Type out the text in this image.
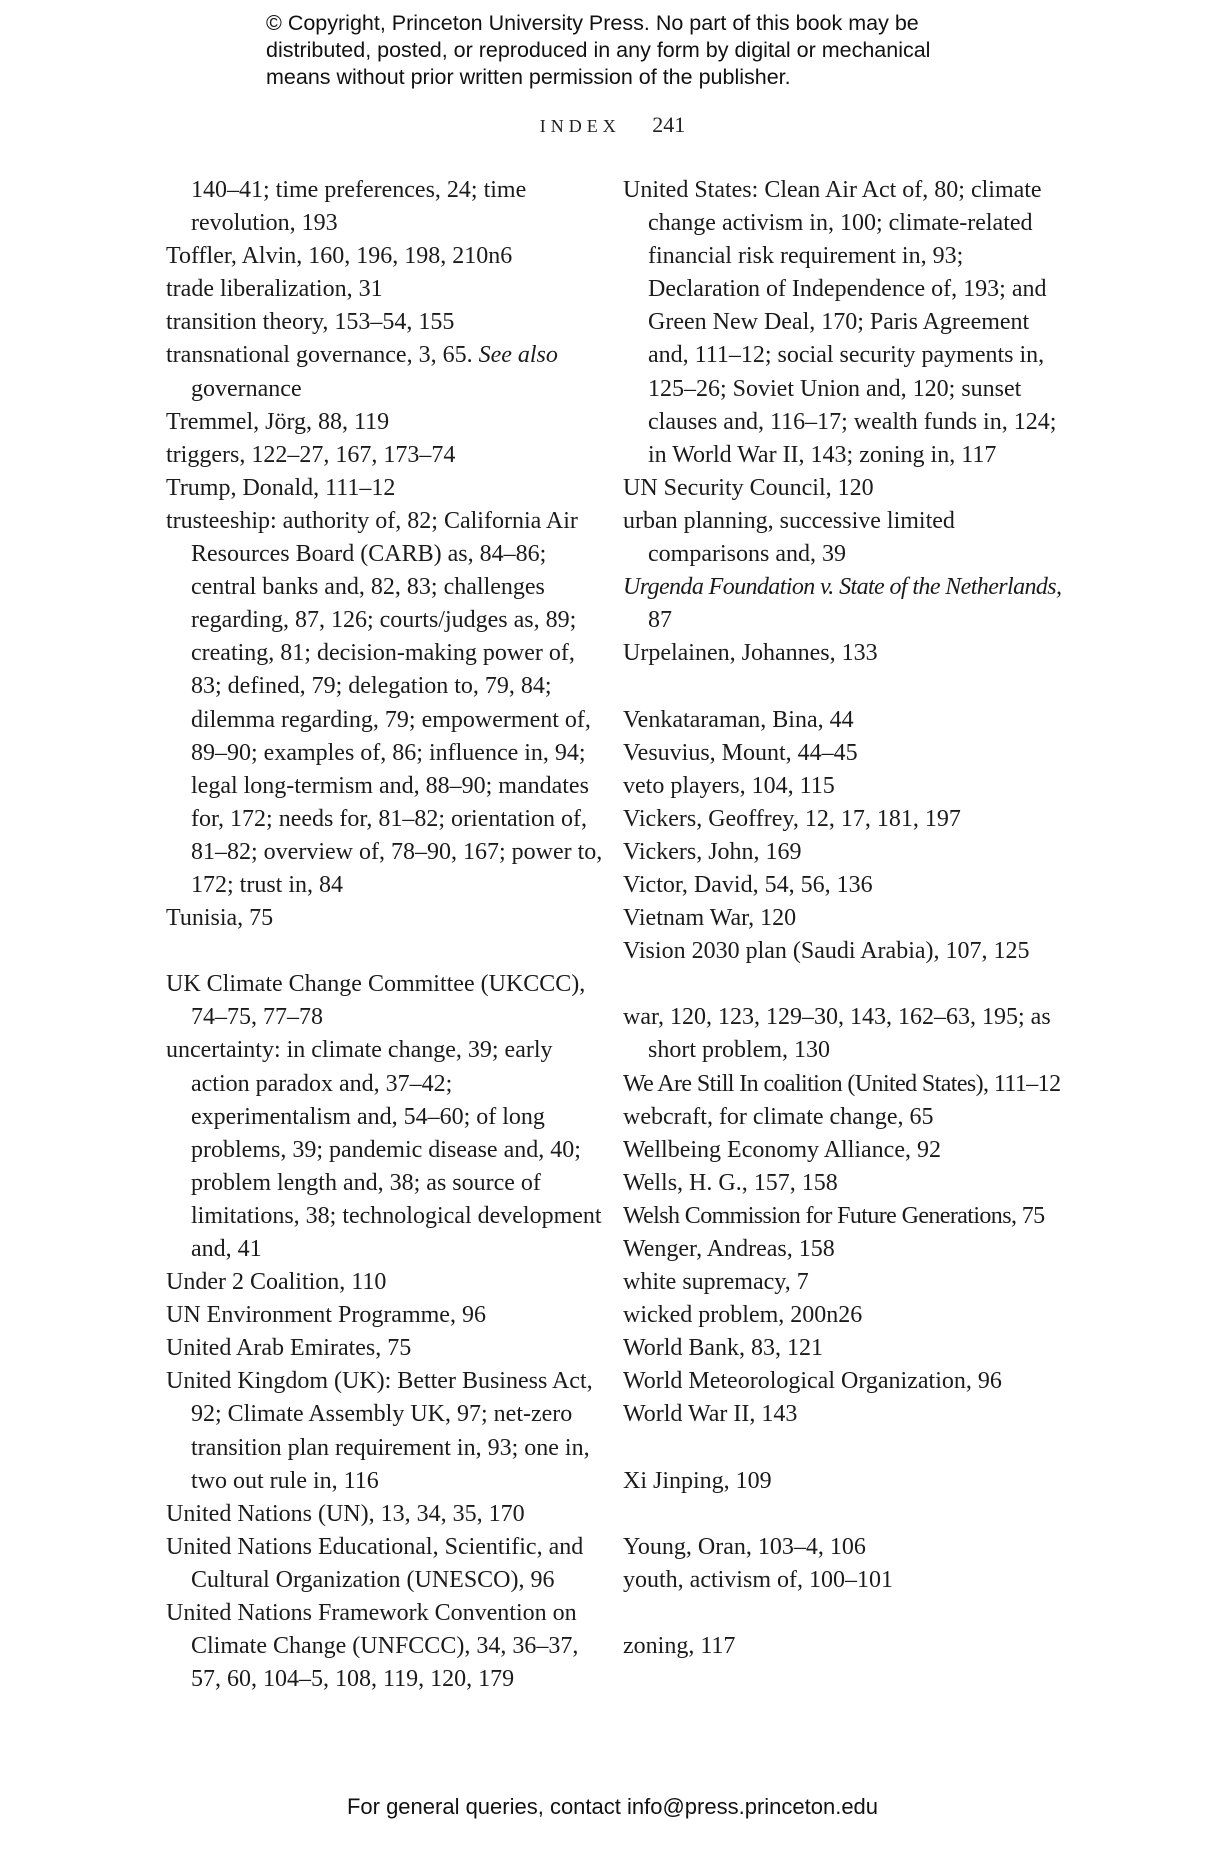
© Copyright, Princeton University Press. No part of this book may be
distributed, posted, or reproduced in any form by digital or mechanical
means without prior written permission of the publisher.
INDEX 241

140–41; time preferences, 24; time revolution, 193

Toffler, Alvin, 160, 196, 198, 210n6

trade liberalization, 31

transition theory, 153–54, 155

transnational governance, 3, 65. See also governance

Tremmel, Jörg, 88, 119

triggers, 122–27, 167, 173–74

Trump, Donald, 111–12

trusteeship: authority of, 82; California Air Resources Board (CARB) as, 84–86; central banks and, 82, 83; challenges regarding, 87, 126; courts/judges as, 89; creating, 81; decision-making power of, 83; defined, 79; delegation to, 79, 84; dilemma regarding, 79; empowerment of, 89–90; examples of, 86; influence in, 94; legal long-termism and, 88–90; mandates for, 172; needs for, 81–82; orientation of, 81–82; overview of, 78–90, 167; power to, 172; trust in, 84

Tunisia, 75

UK Climate Change Committee (UKCCC), 74–75, 77–78

uncertainty: in climate change, 39; early action paradox and, 37–42; experimentalism and, 54–60; of long problems, 39; pandemic disease and, 40; problem length and, 38; as source of limitations, 38; technological development and, 41

Under 2 Coalition, 110

UN Environment Programme, 96

United Arab Emirates, 75

United Kingdom (UK): Better Business Act, 92; Climate Assembly UK, 97; net-zero transition plan requirement in, 93; one in, two out rule in, 116

United Nations (UN), 13, 34, 35, 170

United Nations Educational, Scientific, and Cultural Organization (UNESCO), 96

United Nations Framework Convention on Climate Change (UNFCCC), 34, 36–37, 57, 60, 104–5, 108, 119, 120, 179

United States: Clean Air Act of, 80; climate change activism in, 100; climate-related financial risk requirement in, 93; Declaration of Independence of, 193; and Green New Deal, 170; Paris Agreement and, 111–12; social security payments in, 125–26; Soviet Union and, 120; sunset clauses and, 116–17; wealth funds in, 124; in World War II, 143; zoning in, 117

UN Security Council, 120

urban planning, successive limited comparisons and, 39

Urgenda Foundation v. State of the Netherlands, 87

Urpelainen, Johannes, 133

Venkataraman, Bina, 44

Vesuvius, Mount, 44–45

veto players, 104, 115

Vickers, Geoffrey, 12, 17, 181, 197

Vickers, John, 169

Victor, David, 54, 56, 136

Vietnam War, 120

Vision 2030 plan (Saudi Arabia), 107, 125

war, 120, 123, 129–30, 143, 162–63, 195; as short problem, 130

We Are Still In coalition (United States), 111–12

webcraft, for climate change, 65

Wellbeing Economy Alliance, 92

Wells, H. G., 157, 158

Welsh Commission for Future Generations, 75

Wenger, Andreas, 158

white supremacy, 7

wicked problem, 200n26

World Bank, 83, 121

World Meteorological Organization, 96

World War II, 143

Xi Jinping, 109

Young, Oran, 103–4, 106

youth, activism of, 100–101

zoning, 117

For general queries, contact info@press.princeton.edu
